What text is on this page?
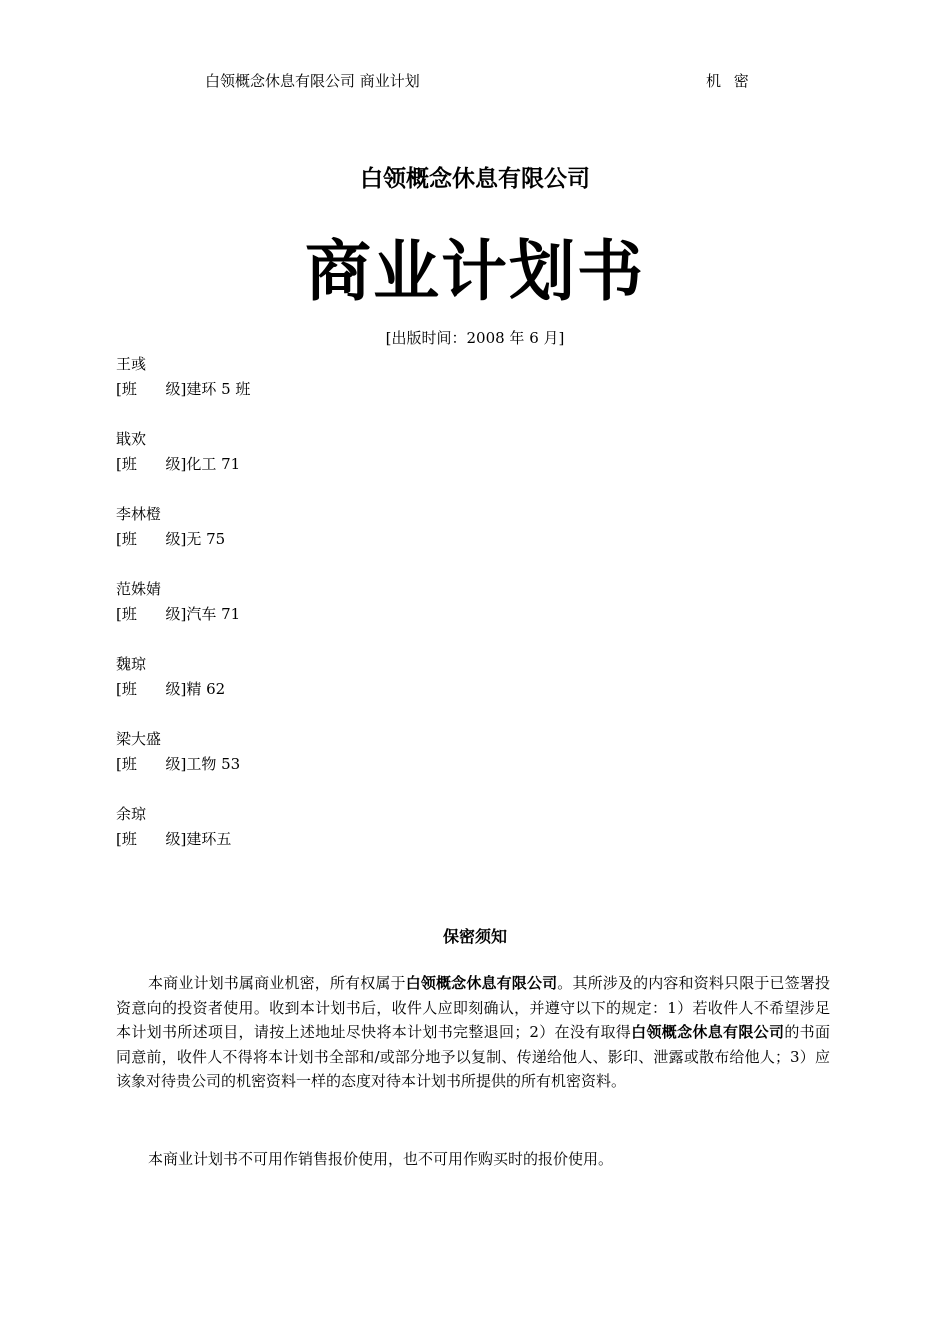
白领概念休息有限公司 商业计划	机 密
白领概念休息有限公司
商业计划书
[出版时间：2008 年 6 月]
王彧
[班      级]建环 5 班
戢欢
[班      级]化工 71
李林橙
[班      级]无 75
范姝婧
[班      级]汽车 71
魏琼
[班      级]精 62
梁大盛
[班      级]工物 53
余琼
[班      级]建环五
保密须知
本商业计划书属商业机密，所有权属于白领概念休息有限公司。其所涉及的内容和资料只限于已签署投资意向的投资者使用。收到本计划书后，收件人应即刻确认，并遵守以下的规定：1）若收件人不希望涉足本计划书所述项目，请按上述地址尽快将本计划书完整退回；2）在没有取得白领概念休息有限公司的书面同意前，收件人不得将本计划书全部和/或部分地予以复制、传递给他人、影印、泄露或散布给他人；3）应该象对待贵公司的机密资料一样的态度对待本计划书所提供的所有机密资料。
本商业计划书不可用作销售报价使用，也不可用作购买时的报价使用。
